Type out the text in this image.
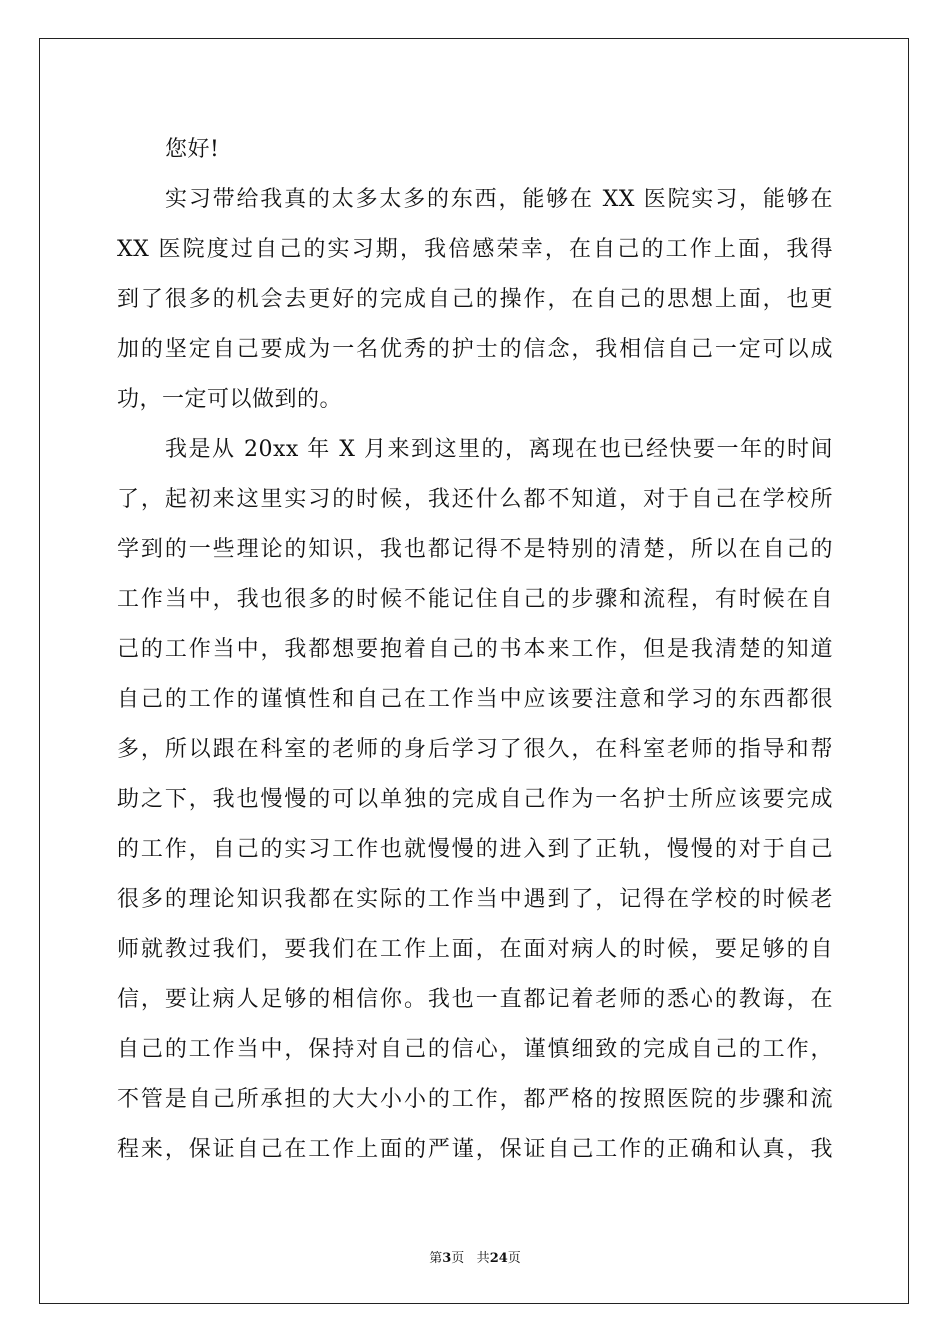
您好!
实习带给我真的太多太多的东西，能够在 XX 医院实习，能够在
XX 医院度过自己的实习期，我倍感荣幸，在自己的工作上面，我得
到了很多的机会去更好的完成自己的操作，在自己的思想上面，也更
加的坚定自己要成为一名优秀的护士的信念，我相信自己一定可以成
功，一定可以做到的。
我是从 20xx 年 X 月来到这里的，离现在也已经快要一年的时间
了，起初来这里实习的时候，我还什么都不知道，对于自己在学校所
学到的一些理论的知识，我也都记得不是特别的清楚，所以在自己的
工作当中，我也很多的时候不能记住自己的步骤和流程，有时候在自
己的工作当中，我都想要抱着自己的书本来工作，但是我清楚的知道
自己的工作的谨慎性和自己在工作当中应该要注意和学习的东西都很
多，所以跟在科室的老师的身后学习了很久，在科室老师的指导和帮
助之下，我也慢慢的可以单独的完成自己作为一名护士所应该要完成
的工作，自己的实习工作也就慢慢的进入到了正轨，慢慢的对于自己
很多的理论知识我都在实际的工作当中遇到了，记得在学校的时候老
师就教过我们，要我们在工作上面，在面对病人的时候，要足够的自
信，要让病人足够的相信你。我也一直都记着老师的悉心的教诲，在
自己的工作当中，保持对自己的信心，谨慎细致的完成自己的工作，
不管是自己所承担的大大小小的工作，都严格的按照医院的步骤和流
程来，保证自己在工作上面的严谨，保证自己工作的正确和认真，我
第3页 共24页
